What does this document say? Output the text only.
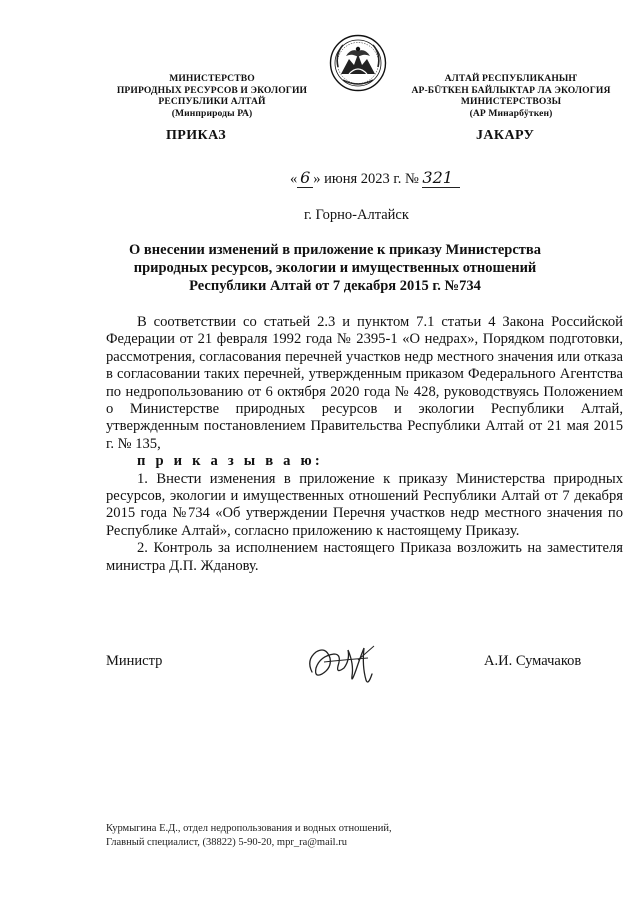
МИНИСТЕРСТВО
ПРИРОДНЫХ РЕСУРСОВ И ЭКОЛОГИИ
РЕСПУБЛИКИ АЛТАЙ
(Минприроды РА)
АЛТАЙ РЕСПУБЛИКАНЫҤ
АР-БÜТКЕН БАЙЛЫКТАР ЛА ЭКОЛОГИЯ
МИНИСТЕРСТВОЗЫ
(АР Минарбÿткен)
ПРИКАЗ	JАКАРУ
« 6 » июня 2023 г. № 321
г. Горно-Алтайск
О внесении изменений в приложение к приказу Министерства
природных ресурсов, экологии и имущественных отношений
Республики Алтай от 7 декабря 2015 г. №734

В соответствии со статьей 2.3 и пунктом 7.1 статьи 4 Закона Российской Федерации от 21 февраля 1992 года № 2395-1 «О недрах», Порядком подготовки, рассмотрения, согласования перечней участков недр местного значения или отказа в согласовании таких перечней, утвержденным приказом Федерального Агентства по недропользованию от 6 октября 2020 года № 428, руководствуясь Положением о Министерстве природных ресурсов и экологии Республики Алтай, утвержденным постановлением Правительства Республики Алтай от 21 мая 2015 г. № 135,

п р и к а з ы в а ю:

1. Внести изменения в приложение к приказу Министерства природных ресурсов, экологии и имущественных отношений Республики Алтай от 7 декабря 2015 года №734 «Об утверждении Перечня участков недр местного значения по Республике Алтай», согласно приложению к настоящему Приказу.

2. Контроль за исполнением настоящего Приказа возложить на заместителя министра Д.П. Жданову.

Министр	А.И. Сумачаков
Курмыгина Е.Д., отдел недропользования и водных отношений,
Главный специалист, (38822) 5-90-20, mpr_ra@mail.ru
